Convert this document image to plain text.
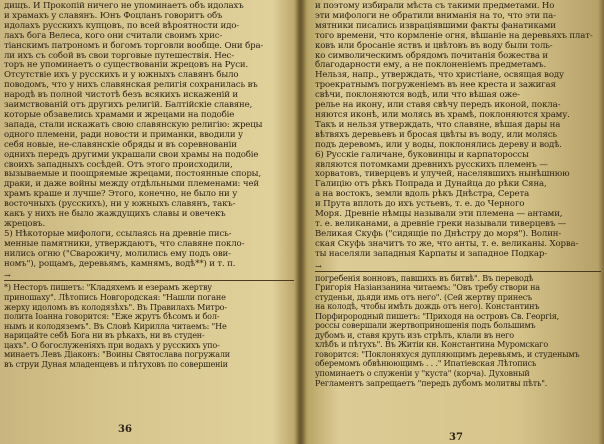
дищъ. И Прокопiй ничего не упоминаетъ объ идолахъ
и храмахъ у славянъ. Юнъ Фоцланъ говоритъ объ
идолахъ русскихъ купцовъ, по всей вѣроятности идо-
лахъ бога Велеса, кого они считали своимъ хрис-
тiанскимъ патрономъ и богомъ торговли вообще. Они бра-
ли ихъ съ собой въ свои торговые путешествiя. Нес-
торъ не упоминаетъ о существованiи жрецовъ на Руси.
Отсутствiе ихъ у русскихъ и у южныхъ славянъ было
поводомъ, что у нихъ славянская религiя сохранилась въ
народѣ въ полной чистотѣ безъ всякихъ искаженiй и
заимствованiй отъ другихъ религiй. Балтiйскiе славяне,
которые обзавелись храмами и жрецами на подобiе
запада, стали искажать свою славянскую религiю: жрецы
одного племени, ради новости и приманки, вводили у
себя новые, не-славянскiе обряды и въ соревнованiи
однихъ передъ другими украшали свои храмы на подобiе
своихъ западныхъ сосѣдей. Отъ этого происходили,
вызываемые и поощряемые жрецами, постоянные споры,
драки, и даже войны между отдѣльными племенами: чей
храмъ краше и лучше? Этого, конечно, не было ни у
восточныхъ (русскихъ), ни у южныхъ славянъ, такъ-
какъ у нихъ не было жаждущихъ славы и овечекъ
жрецовъ.
5) Нѣкоторые мифологи, ссылаясь на древнiе пись-
менные памятники, утверждаютъ, что славяне покло-
нились огню ("Сварожичу, молились ему подъ ови-
номъ"), рощамъ, деревьямъ, камнямъ, водѣ**) и т. п.
→
*) Несторъ пишетъ: "Кладяхемъ и езерамъ жертву
приношаху". Лѣтопись Новгородская: "Нашли погане
жерху идоломъ въ колодязѣхъ". Въ Правилахъ Митро-
полита Iоанна говорится: "Еже жрутъ бѣсомъ и бол-
нымъ и колодяземъ". Въ Словѣ Кирилла читаемъ: "Не
нарицайте себѣ Бога ни въ рѣкахъ, ни въ студен-
цахъ". О богослуженiяхъ при водахъ у русскихъ упо-
минаетъ Левъ Дiаконъ: "Воины Святослава погружали
въ струи Дуная младенцевъ и пѣтуховъ по совершенiи
36
и поэтому избирали мѣста съ такими предметами. Но
эти мифологи не обратили вниманiя на то, что эти па-
мятники писались изврацiявшими факты фанатиками
того времени, что кормленiе огня, вѣшанiе на деревьяхъ плат-
ковъ или бросанiе яствъ и цвѣтовъ въ воду были толь-
ко символическимъ обрядомъ почитанiя божества и
благодарности ему, а не поклоненiемъ предметамъ.
Нельзя, напр., утверждать, что христiане, освящая воду
троекратнымъ погруженiемъ въ нее креста и зажигая
свѣчи, поклоняются водѣ, или что вѣшая оже-
релье на икону, или ставя свѣчу передъ иконой, покла-
няются иконѣ, или молясь въ храмѣ, поклоняются храму.
Такъ и нельзя утверждать, что славяне, вѣшая дары на
вѣтвяхъ деревьевъ и бросая цвѣты въ воду, или моляcь
подъ деревомъ, или у воды, поклонялись дереву и водѣ.
6) Русскiе галичане, буковинцы и карпатороссы
являются потомками древнихъ русскихъ племенъ —
хорватовъ, тиверцевъ и улучей, населявшихъ нынѣшнюю
Галицiю отъ рѣкъ Попрада и Дунайца до рѣки Сяна,
а на востокъ, земли вдоль рѣкъ Днѣстра, Серета
и Прута вплоть до ихъ устьевъ, т. е. до Черного
Моря. Древнiе нѣмцы называли эти племена — антами,
т. е. великанами, а древнiе греки называли тиверцевъ —
Великая Скуфь ("сидящiе по Днѣстру до моря"). Волин-
ская Скуфь значитъ то же, что анты, т. е. великаны. Хорва-
ты населяли западныя Карпаты и западное Подкар-
→
погребенiя вонновъ, павшихъ въ битвѣ". Въ переводѣ
Григорiя Назiанзанина читаемъ: "Овъ требу створи на
студеньи, дьяди имь отъ него". (Сей жертву принесъ
на колодѣ, чтобы имѣть дождь отъ него). Константинъ
Порфирородный пишетъ: "Приходя на островъ Св. Георгiя,
россы совершали жертвоприношенiя подъ большимъ
дубомъ и, ставя круть изъ стрѣлъ, клали въ него
хлѣбъ и пѣтухъ". Въ Житiи кн. Константина Муромскаго
говорится: "Поклоняхуся дупляющимъ деревьямъ, и студенымъ
оберемомъ обвѣнюющимъ . . ." Ипатiевская Лѣтопись
упоминаетъ о служенiи у "куста" (корча). Духовный
Регламентъ запрещаетъ "передъ дубомъ молитвы пѣть".
37
